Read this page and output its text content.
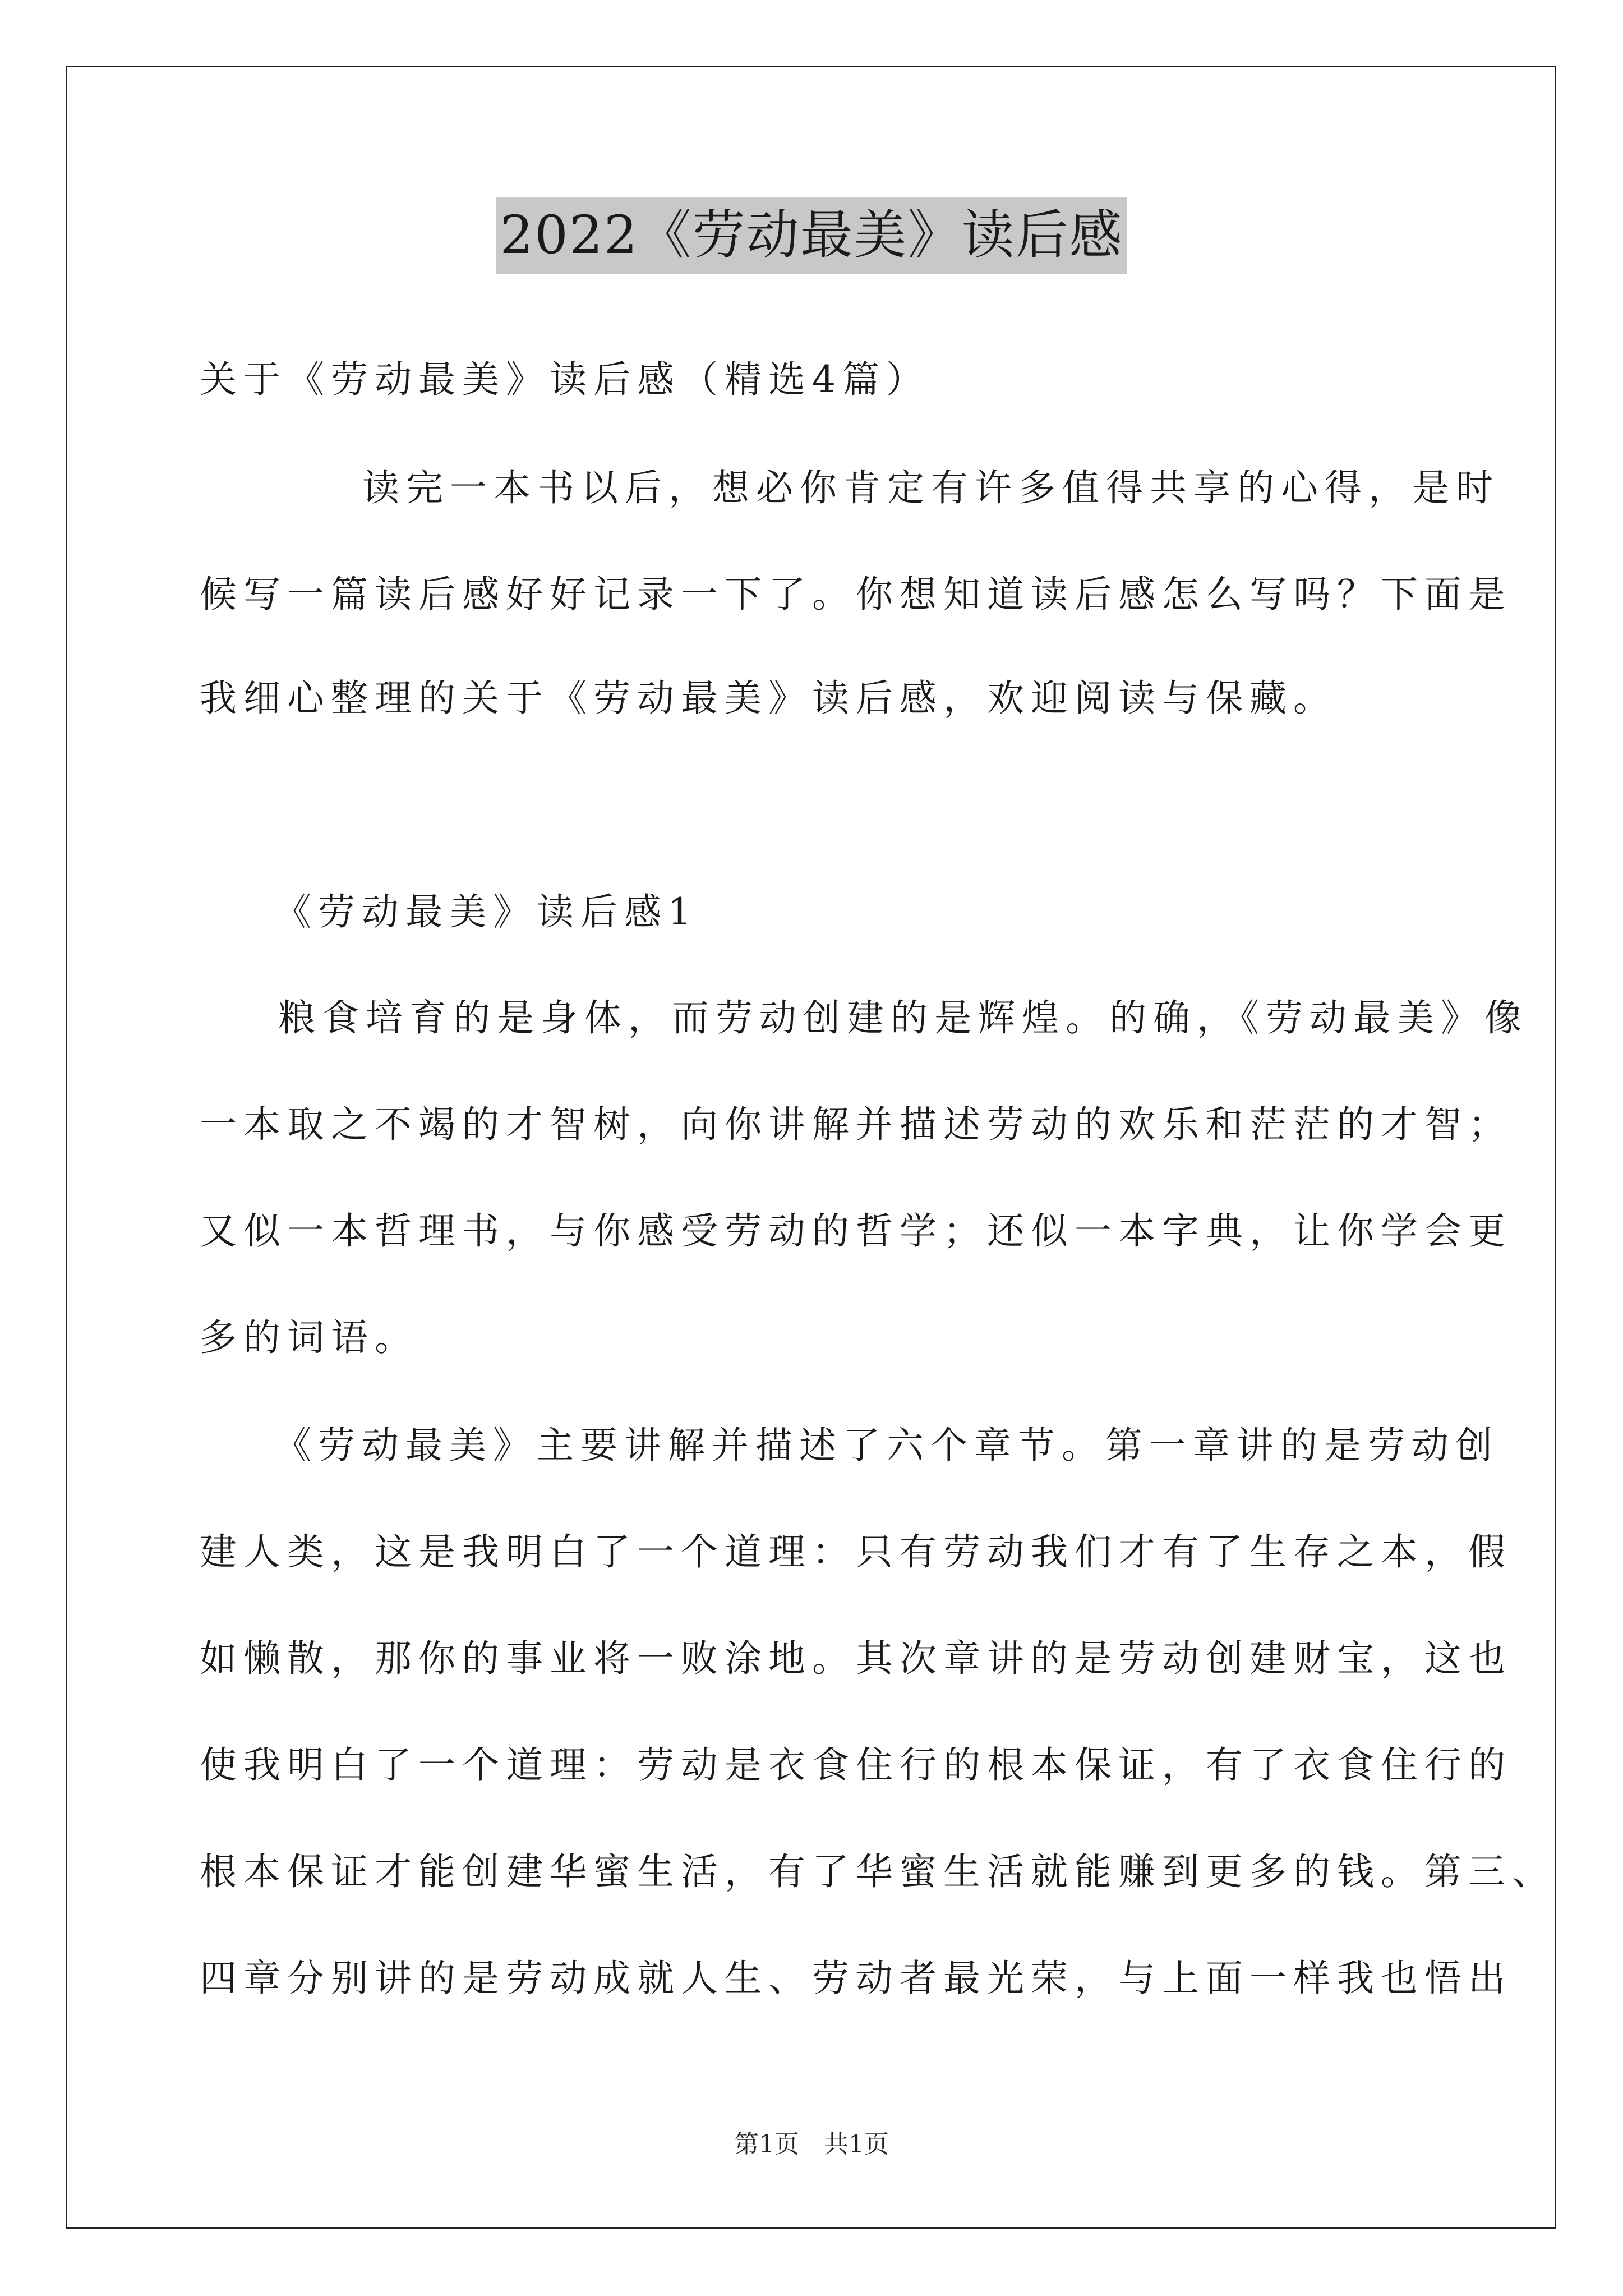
2022《劳动最美》读后感
关于《劳动最美》读后感（精选4篇）
读完一本书以后，想必你肯定有许多值得共享的心得，是时
候写一篇读后感好好记录一下了。你想知道读后感怎么写吗？下面是
我细心整理的关于《劳动最美》读后感，欢迎阅读与保藏。
《劳动最美》读后感1
粮食培育的是身体，而劳动创建的是辉煌。的确，《劳动最美》像
一本取之不竭的才智树，向你讲解并描述劳动的欢乐和茫茫的才智；
又似一本哲理书，与你感受劳动的哲学；还似一本字典，让你学会更
多的词语。
《劳动最美》主要讲解并描述了六个章节。第一章讲的是劳动创
建人类，这是我明白了一个道理：只有劳动我们才有了生存之本，假
如懒散，那你的事业将一败涂地。其次章讲的是劳动创建财宝，这也
使我明白了一个道理：劳动是衣食住行的根本保证，有了衣食住行的
根本保证才能创建华蜜生活，有了华蜜生活就能赚到更多的钱。第三、
四章分别讲的是劳动成就人生、劳动者最光荣，与上面一样我也悟出
第1页　共1页
